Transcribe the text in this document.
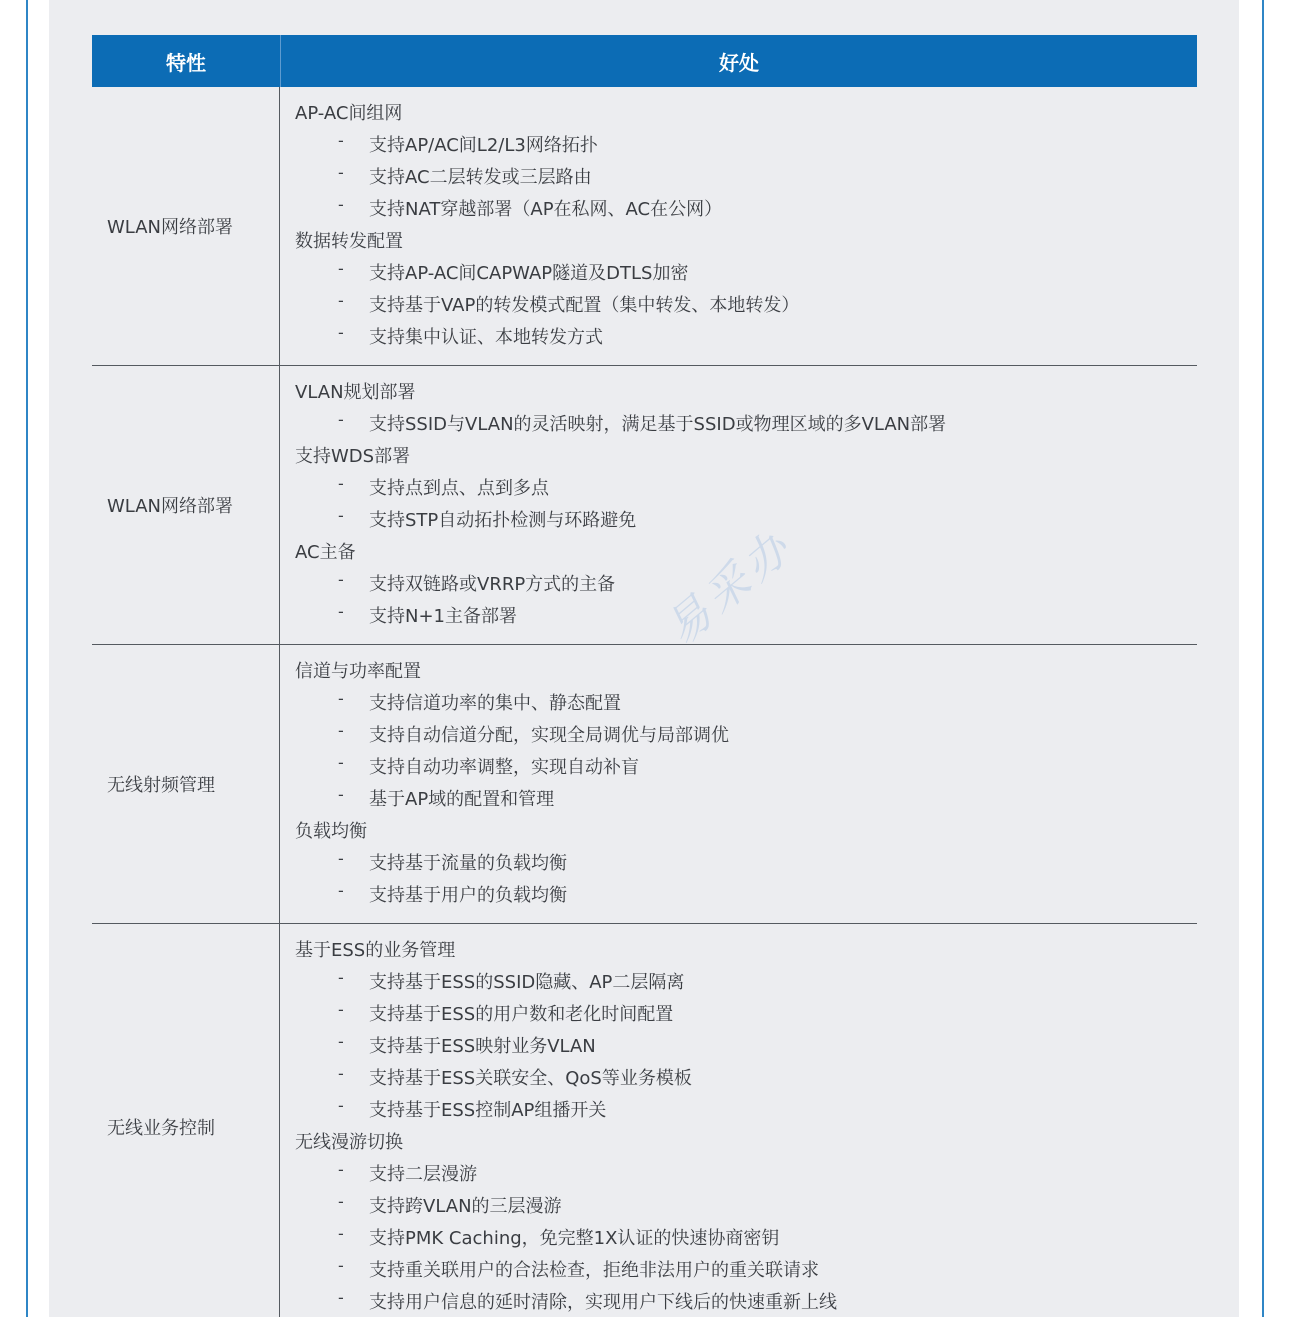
特性	好处
WLAN网络部署
AP-AC间组网
- 支持AP/AC间L2/L3网络拓扑
- 支持AC二层转发或三层路由
- 支持NAT穿越部署（AP在私网、AC在公网）
数据转发配置
- 支持AP-AC间CAPWAP隧道及DTLS加密
- 支持基于VAP的转发模式配置（集中转发、本地转发）
- 支持集中认证、本地转发方式
WLAN网络部署
VLAN规划部署
- 支持SSID与VLAN的灵活映射，满足基于SSID或物理区域的多VLAN部署
支持WDS部署
- 支持点到点、点到多点
- 支持STP自动拓扑检测与环路避免
AC主备
- 支持双链路或VRRP方式的主备
- 支持N+1主备部署
无线射频管理
信道与功率配置
- 支持信道功率的集中、静态配置
- 支持自动信道分配，实现全局调优与局部调优
- 支持自动功率调整，实现自动补盲
- 基于AP域的配置和管理
负载均衡
- 支持基于流量的负载均衡
- 支持基于用户的负载均衡
无线业务控制
基于ESS的业务管理
- 支持基于ESS的SSID隐藏、AP二层隔离
- 支持基于ESS的用户数和老化时间配置
- 支持基于ESS映射业务VLAN
- 支持基于ESS关联安全、QoS等业务模板
- 支持基于ESS控制AP组播开关
无线漫游切换
- 支持二层漫游
- 支持跨VLAN的三层漫游
- 支持PMK Caching，免完整1X认证的快速协商密钥
- 支持重关联用户的合法检查，拒绝非法用户的重关联请求
- 支持用户信息的延时清除，实现用户下线后的快速重新上线
易采办
